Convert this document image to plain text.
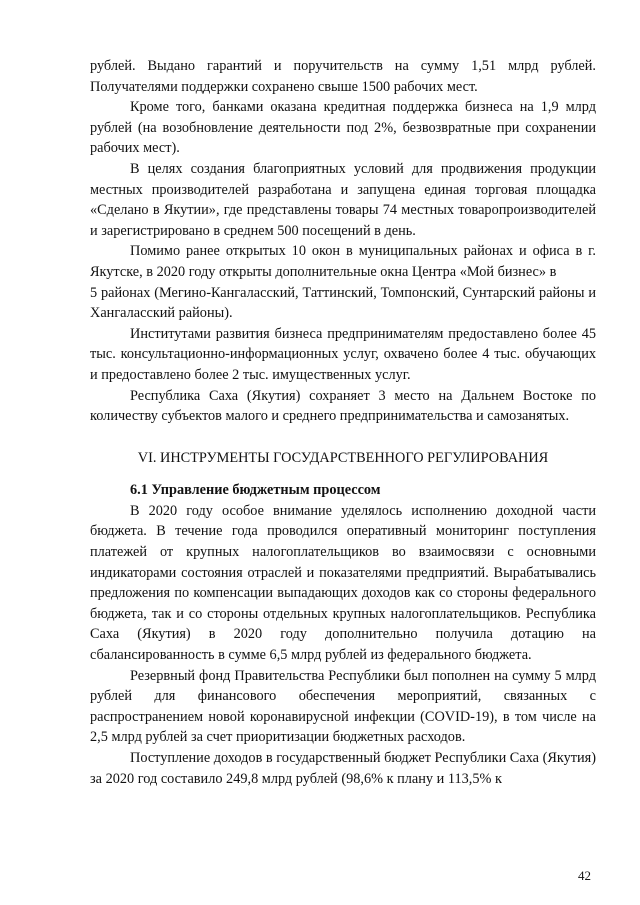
рублей. Выдано гарантий и поручительств на сумму 1,51 млрд рублей. Получателями поддержки сохранено свыше 1500 рабочих мест.

Кроме того, банками оказана кредитная поддержка бизнеса на 1,9 млрд рублей (на возобновление деятельности под 2%, безвозвратные при сохранении рабочих мест).

В целях создания благоприятных условий для продвижения продукции местных производителей разработана и запущена единая торговая площадка «Сделано в Якутии», где представлены товары 74 местных товаропроизводителей и зарегистрировано в среднем 500 посещений в день.

Помимо ранее открытых 10 окон в муниципальных районах и офиса в г. Якутске, в 2020 году открыты дополнительные окна Центра «Мой бизнес» в

5 районах (Мегино-Кангаласский, Таттинский, Томпонский, Сунтарский районы и Хангаласский районы).

Институтами развития бизнеса предпринимателям предоставлено более 45 тыс. консультационно-информационных услуг, охвачено более 4 тыс. обучающих и предоставлено более 2 тыс. имущественных услуг.

Республика Саха (Якутия) сохраняет 3 место на Дальнем Востоке по количеству субъектов малого и среднего предпринимательства и самозанятых.

VI. ИНСТРУМЕНТЫ ГОСУДАРСТВЕННОГО РЕГУЛИРОВАНИЯ

6.1 Управление бюджетным процессом

В 2020 году особое внимание уделялось исполнению доходной части бюджета. В течение года проводился оперативный мониторинг поступления платежей от крупных налогоплательщиков во взаимосвязи с основными индикаторами состояния отраслей и показателями предприятий. Вырабатывались предложения по компенсации выпадающих доходов как со стороны федерального бюджета, так и со стороны отдельных крупных налогоплательщиков. Республика Саха (Якутия) в 2020 году дополнительно получила дотацию на сбалансированность в сумме 6,5 млрд рублей из федерального бюджета.

Резервный фонд Правительства Республики был пополнен на сумму 5 млрд рублей для финансового обеспечения мероприятий, связанных с распространением новой коронавирусной инфекции (COVID-19), в том числе на 2,5 млрд рублей за счет приоритизации бюджетных расходов.

Поступление доходов в государственный бюджет Республики Саха (Якутия) за 2020 год составило 249,8 млрд рублей (98,6% к плану и 113,5% к

42
